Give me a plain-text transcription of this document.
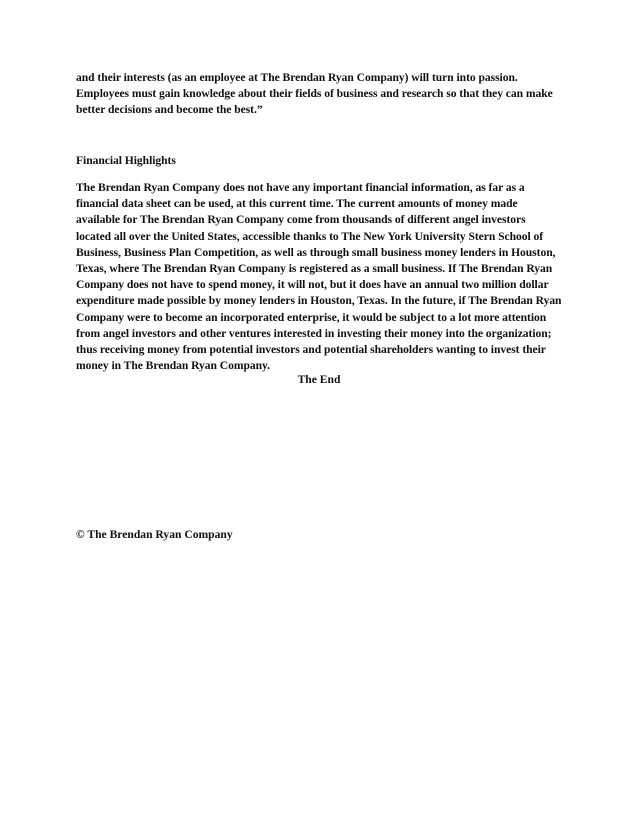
and their interests (as an employee at The Brendan Ryan Company) will turn into passion.
Employees must gain knowledge about their fields of business and research so that they can make
better decisions and become the best.”
Financial Highlights
The Brendan Ryan Company does not have any important financial information, as far as a
financial data sheet can be used, at this current time. The current amounts of money made
available for The Brendan Ryan Company come from thousands of different angel investors
located all over the United States, accessible thanks to The New York University Stern School of
Business, Business Plan Competition, as well as through small business money lenders in Houston,
Texas, where The Brendan Ryan Company is registered as a small business. If The Brendan Ryan
Company does not have to spend money, it will not, but it does have an annual two million dollar
expenditure made possible by money lenders in Houston, Texas. In the future, if The Brendan Ryan
Company were to become an incorporated enterprise, it would be subject to a lot more attention
from angel investors and other ventures interested in investing their money into the organization;
thus receiving money from potential investors and potential shareholders wanting to invest their
money in The Brendan Ryan Company.
The End
© The Brendan Ryan Company
